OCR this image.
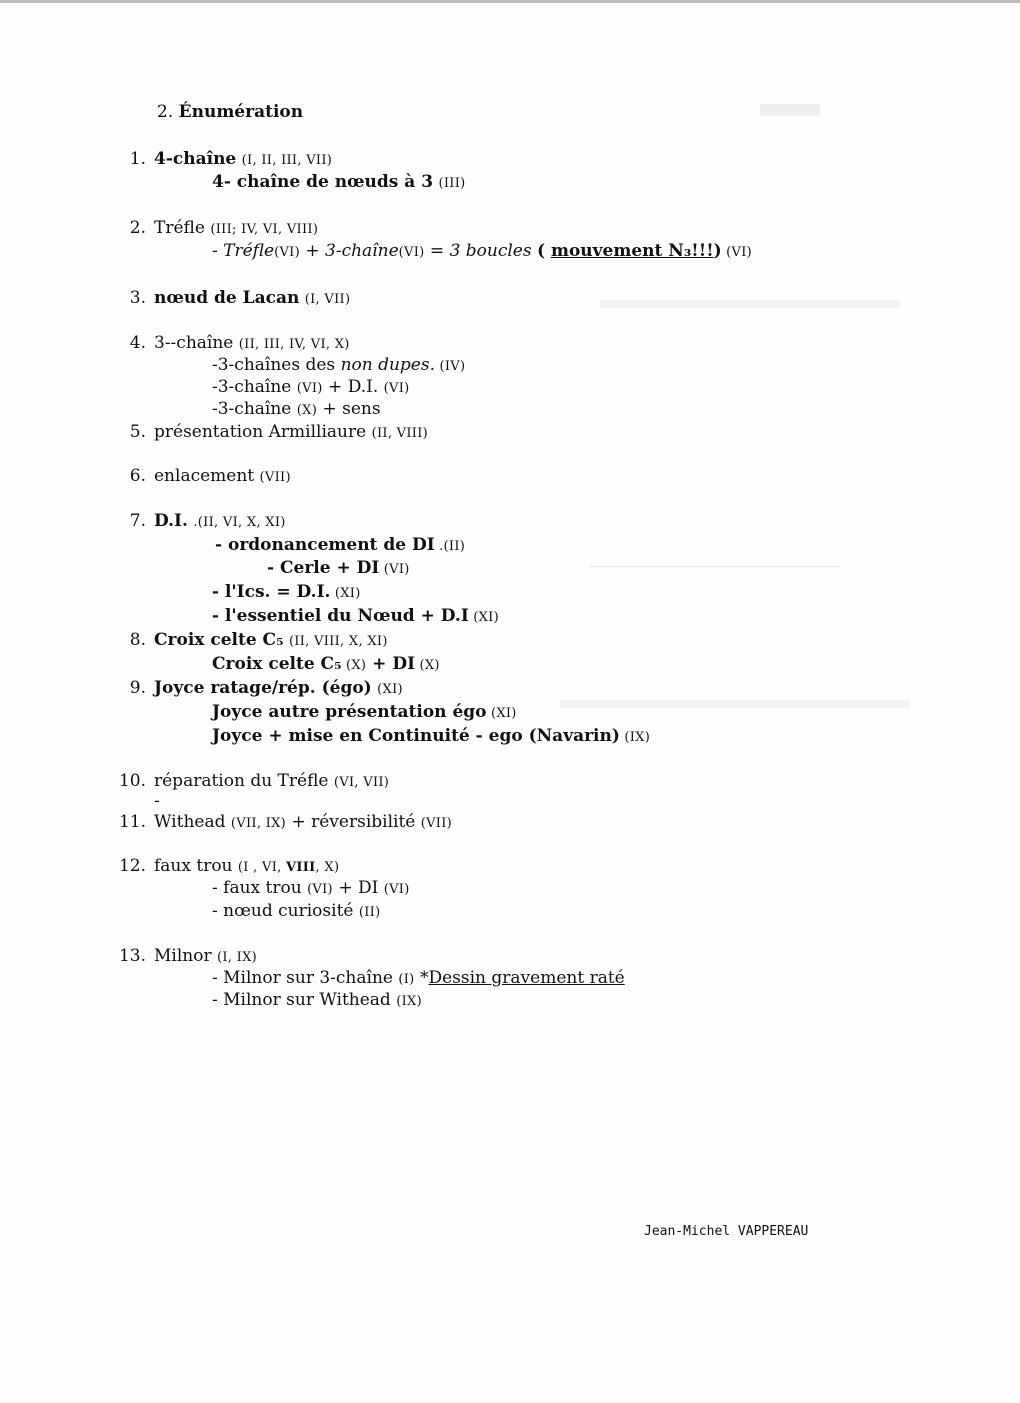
2. Énumération
1. 4-chaîne (I, II, III, VII)
4- chaîne de nœuds à 3 (III)
2. Tréfle (III; IV, VI, VIII)
- Tréfle(VI) + 3-chaîne(VI) = 3 boucles ( mouvement N₃!!!) (VI)
3. nœud de Lacan (I, VII)
4. 3--chaîne (II, III, IV, VI, X)
-3-chaînes des non dupes. (IV)
-3-chaîne (VI) + D.I. (VI)
-3-chaîne (X) + sens
5. présentation Armilliaure (II, VIII)
6. enlacement (VII)
7. D.I. .(II, VI, X, XI)
- ordonancement de DI .(II)
- Cerle + DI (VI)
- l'Ics. = D.I. (XI)
- l'essentiel du Nœud + D.I (XI)
8. Croix celte C₅ (II, VIII, X, XI)
Croix celte C₅ (X) + DI (X)
9. Joyce ratage/rép. (égo) (XI)
Joyce autre présentation égo (XI)
Joyce + mise en Continuité - ego (Navarin) (IX)
10. réparation du Tréfle (VI, VII)
-
11. Withead (VII, IX) + réversibilité (VII)
12. faux trou (I , VI, VIII, X)
- faux trou (VI) + DI (VI)
- nœud curiosité (II)
13. Milnor (I, IX)
- Milnor sur 3-chaîne (I) *Dessin gravement raté
- Milnor sur Withead (IX)
Jean-Michel VAPPEREAU
